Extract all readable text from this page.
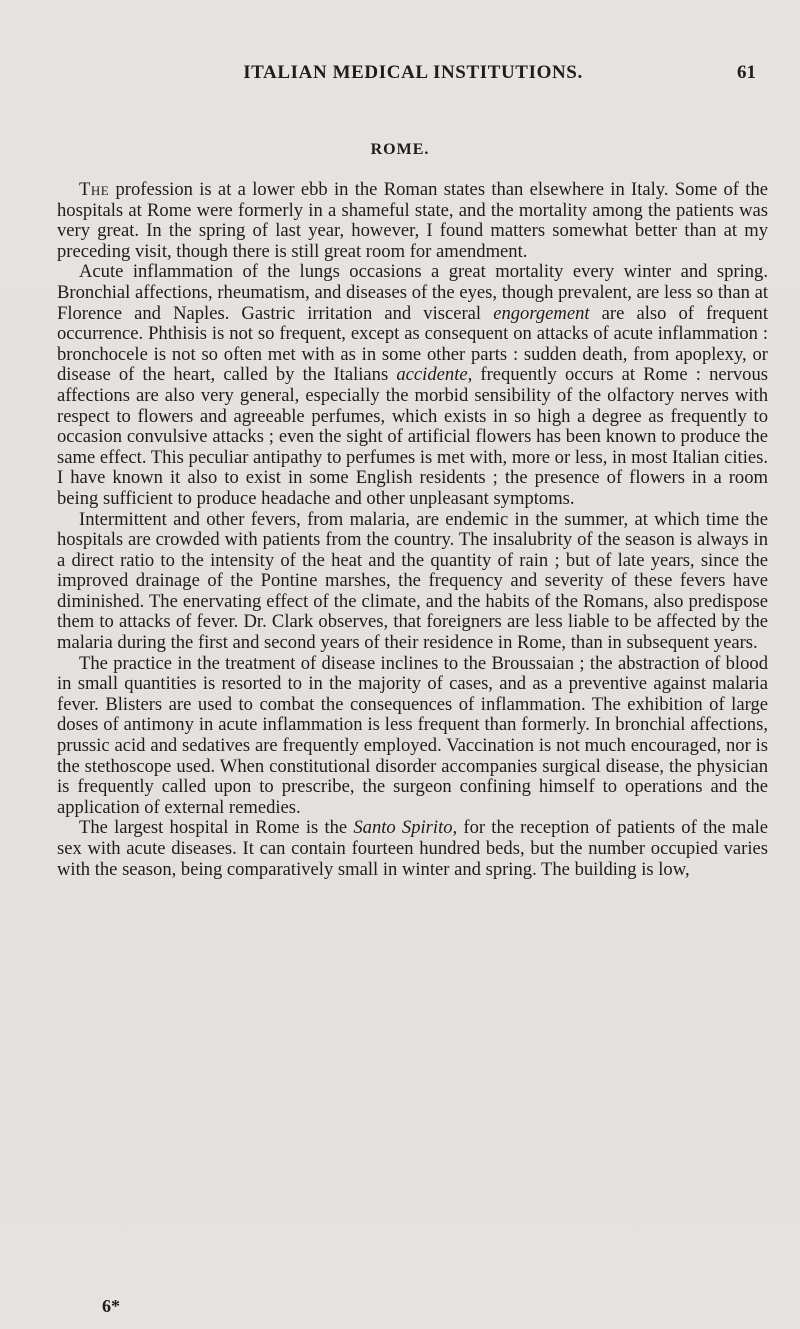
ITALIAN MEDICAL INSTITUTIONS.	61
ROME.

The profession is at a lower ebb in the Roman states than elsewhere in Italy. Some of the hospitals at Rome were formerly in a shameful state, and the mortality among the patients was very great. In the spring of last year, however, I found matters somewhat better than at my preceding visit, though there is still great room for amendment.

Acute inflammation of the lungs occasions a great mortality every winter and spring. Bronchial affections, rheumatism, and diseases of the eyes, though prevalent, are less so than at Florence and Naples. Gastric irritation and visceral engorgement are also of frequent occurrence. Phthisis is not so frequent, except as consequent on attacks of acute inflammation : bronchocele is not so often met with as in some other parts : sudden death, from apoplexy, or disease of the heart, called by the Italians accidente, frequently occurs at Rome : nervous affections are also very general, especially the morbid sensibility of the olfactory nerves with respect to flowers and agreeable perfumes, which exists in so high a degree as frequently to occasion convulsive attacks ; even the sight of artificial flowers has been known to produce the same effect. This peculiar antipathy to perfumes is met with, more or less, in most Italian cities. I have known it also to exist in some English residents ; the presence of flowers in a room being sufficient to produce headache and other unpleasant symptoms.

Intermittent and other fevers, from malaria, are endemic in the summer, at which time the hospitals are crowded with patients from the country. The insalubrity of the season is always in a direct ratio to the intensity of the heat and the quantity of rain ; but of late years, since the improved drainage of the Pontine marshes, the frequency and severity of these fevers have diminished. The enervating effect of the climate, and the habits of the Romans, also predispose them to attacks of fever. Dr. Clark observes, that foreigners are less liable to be affected by the malaria during the first and second years of their residence in Rome, than in subsequent years.

The practice in the treatment of disease inclines to the Broussaian ; the abstraction of blood in small quantities is resorted to in the majority of cases, and as a preventive against malaria fever. Blisters are used to combat the consequences of inflammation. The exhibition of large doses of antimony in acute inflammation is less frequent than formerly. In bronchial affections, prussic acid and sedatives are frequently employed. Vaccination is not much encouraged, nor is the stethoscope used. When constitutional disorder accompanies surgical disease, the physician is frequently called upon to prescribe, the surgeon confining himself to operations and the application of external remedies.

The largest hospital in Rome is the Santo Spirito, for the reception of patients of the male sex with acute diseases. It can contain fourteen hundred beds, but the number occupied varies with the season, being comparatively small in winter and spring. The building is low,

6*
